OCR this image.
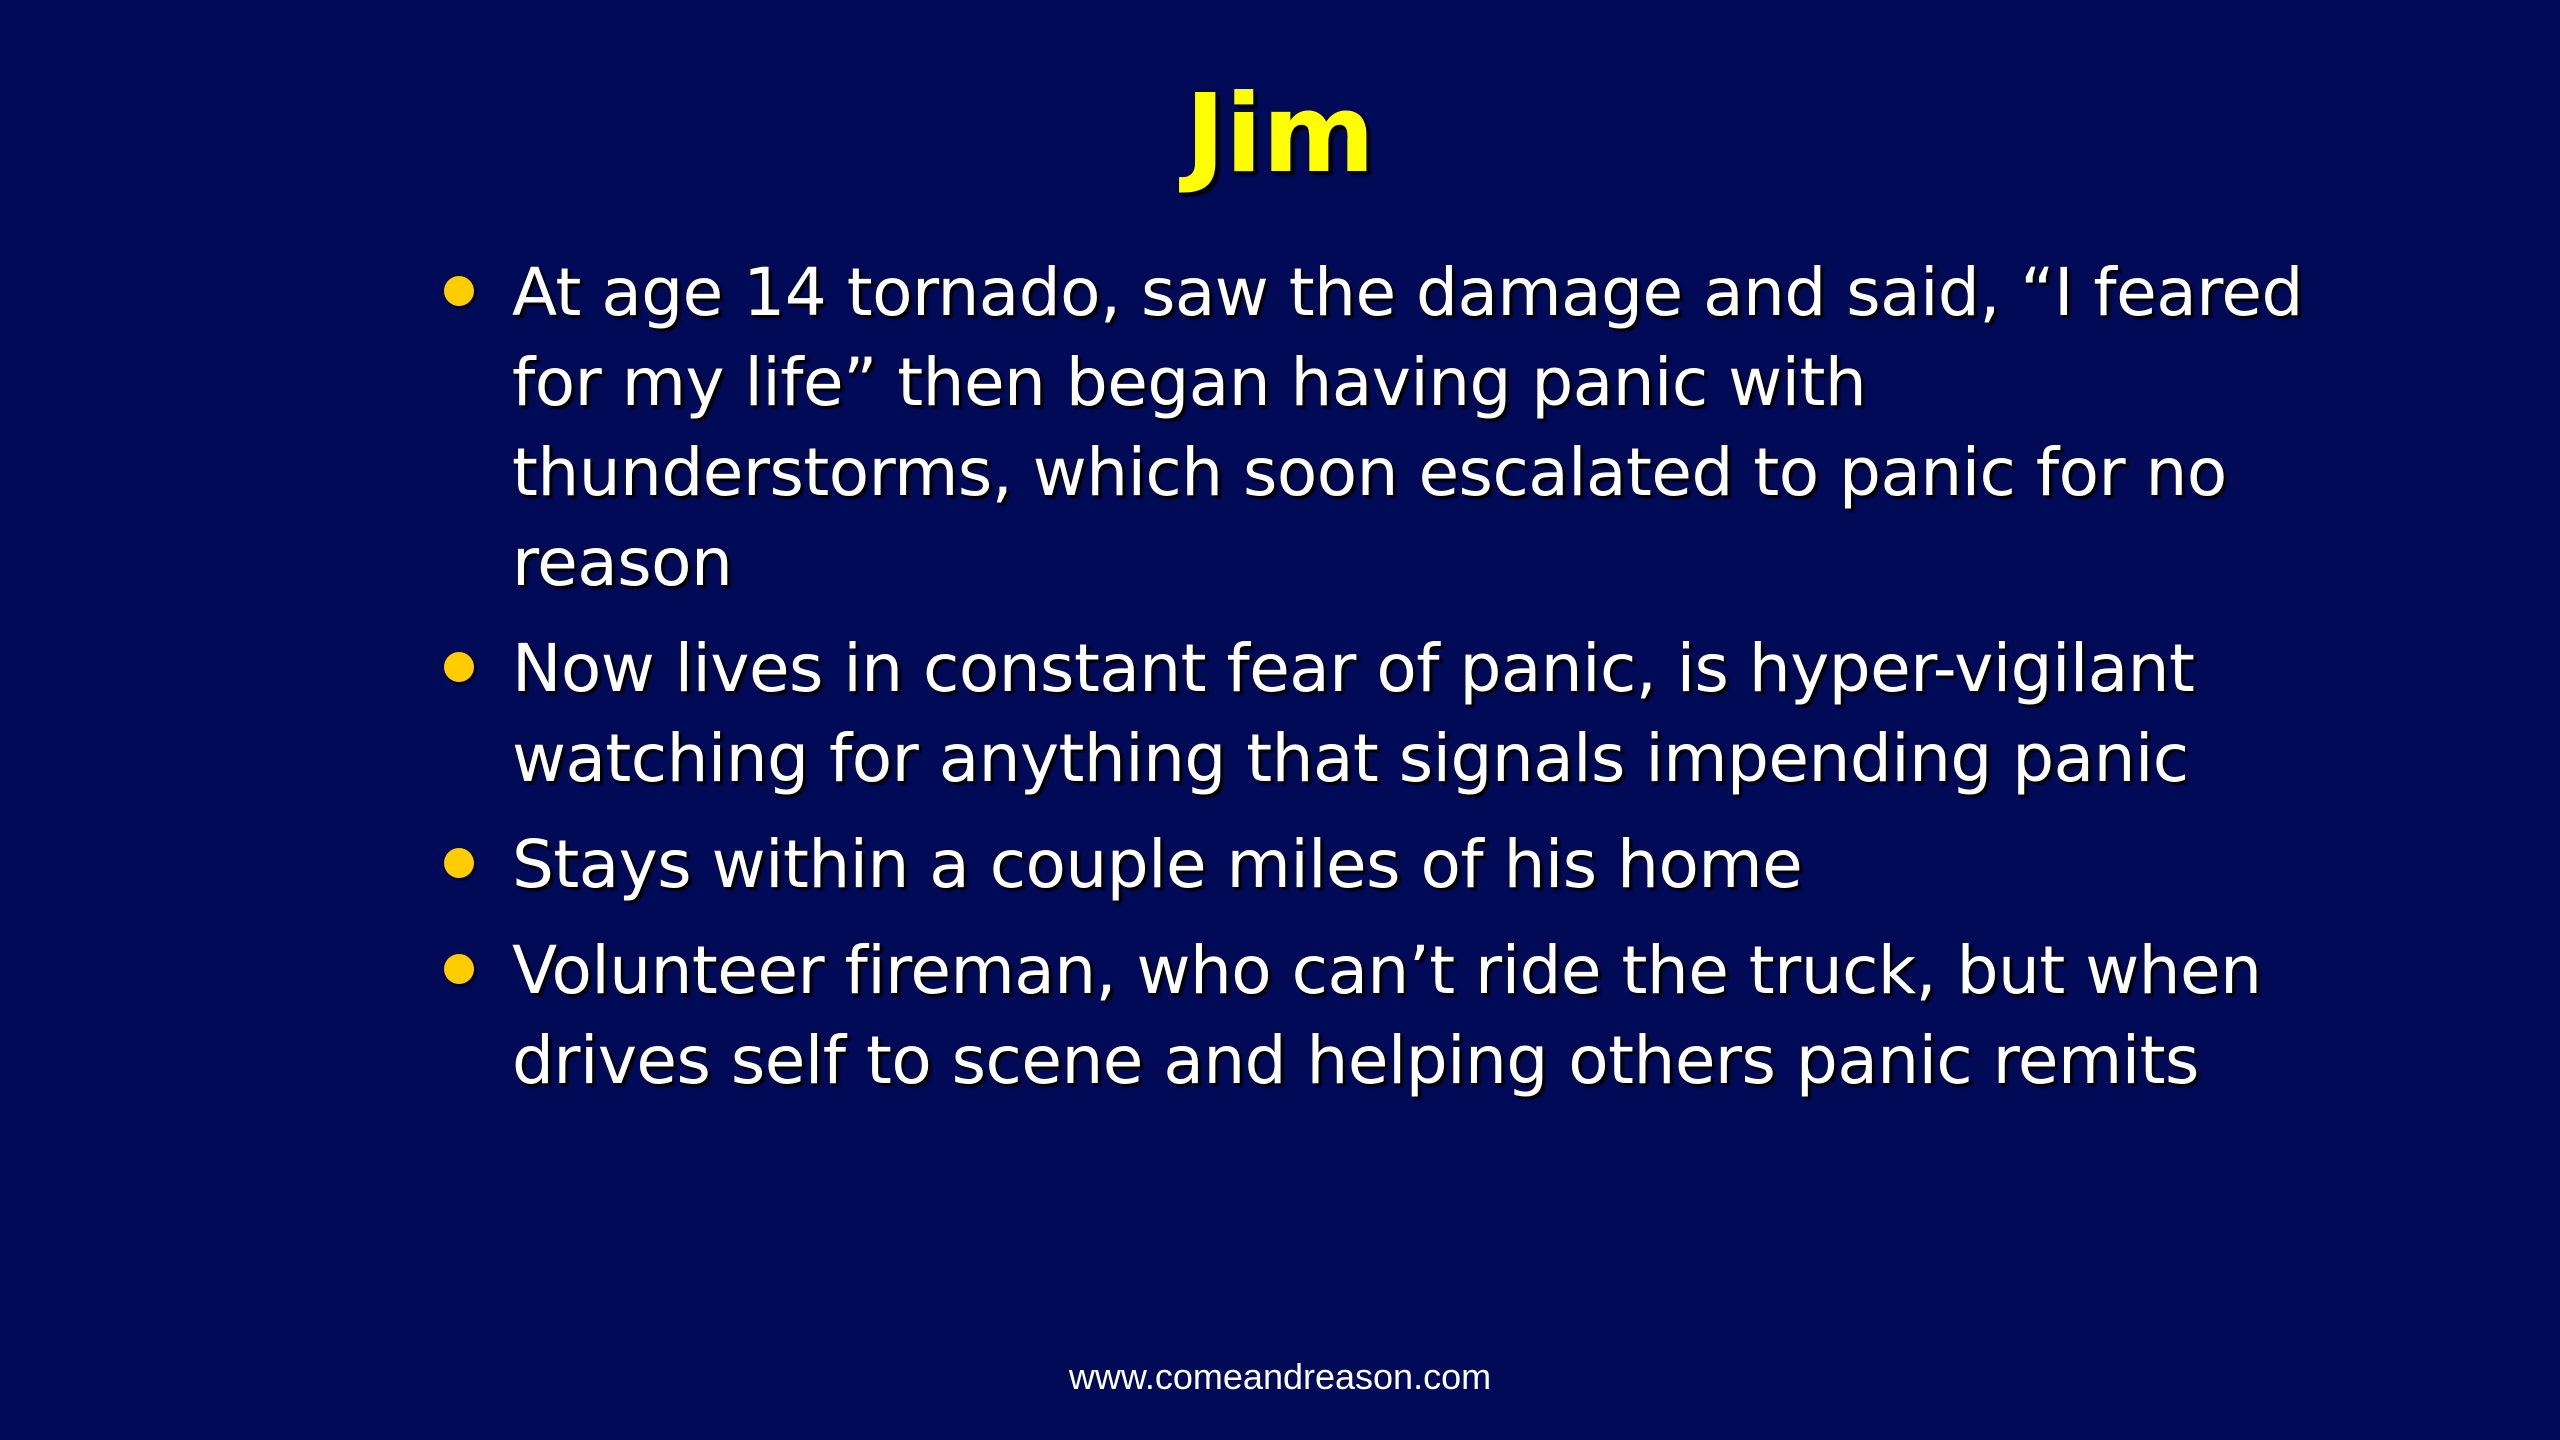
Jim
At age 14 tornado, saw the damage and said, “I feared for my life” then began having panic with thunderstorms, which soon escalated to panic for no reason
Now lives in constant fear of panic, is hyper-vigilant watching for anything that signals impending panic
Stays within a couple miles of his home
Volunteer fireman, who can’t ride the truck, but when drives self to scene and helping others panic remits
www.comeandreason.com
